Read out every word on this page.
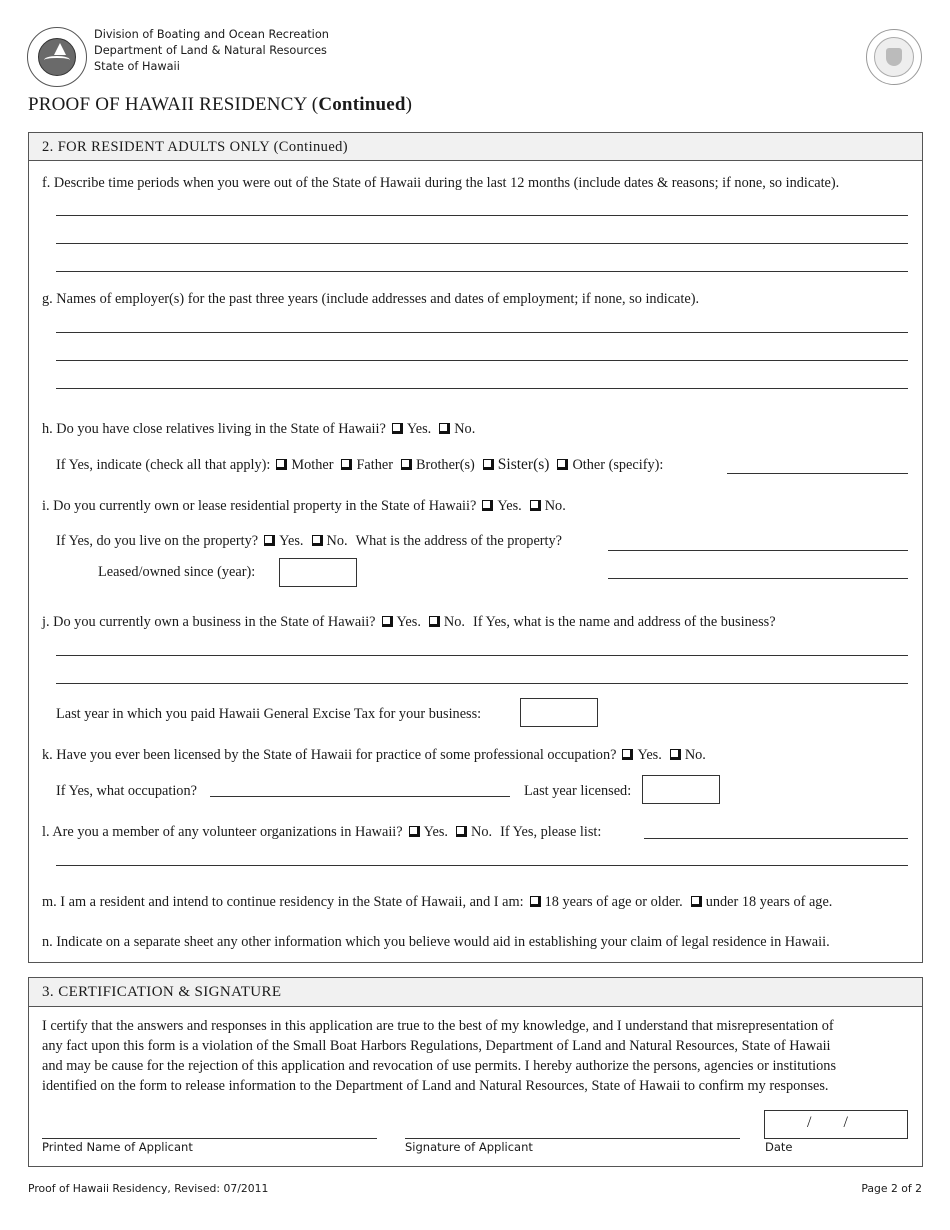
Division of Boating and Ocean Recreation
Department of Land & Natural Resources
State of Hawaii
PROOF OF HAWAII RESIDENCY (Continued)
2. FOR RESIDENT ADULTS ONLY (Continued)
f. Describe time periods when you were out of the State of Hawaii during the last 12 months (include dates & reasons; if none, so indicate).
g. Names of employer(s) for the past three years (include addresses and dates of employment; if none, so indicate).
h. Do you have close relatives living in the State of Hawaii? Yes. No.
If Yes, indicate (check all that apply): Mother Father Brother(s) Sister(s) Other (specify):
i. Do you currently own or lease residential property in the State of Hawaii? Yes. No.
If Yes, do you live on the property? Yes. No. What is the address of the property?
Leased/owned since (year):
j. Do you currently own a business in the State of Hawaii? Yes. No. If Yes, what is the name and address of the business?
Last year in which you paid Hawaii General Excise Tax for your business:
k. Have you ever been licensed by the State of Hawaii for practice of some professional occupation? Yes. No.
If Yes, what occupation?	Last year licensed:
l. Are you a member of any volunteer organizations in Hawaii? Yes. No. If Yes, please list:
m. I am a resident and intend to continue residency in the State of Hawaii, and I am: 18 years of age or older. under 18 years of age.
n. Indicate on a separate sheet any other information which you believe would aid in establishing your claim of legal residence in Hawaii.
3. CERTIFICATION & SIGNATURE
I certify that the answers and responses in this application are true to the best of my knowledge, and I understand that misrepresentation of
any fact upon this form is a violation of the Small Boat Harbors Regulations, Department of Land and Natural Resources, State of Hawaii
and may be cause for the rejection of this application and revocation of use permits. I hereby authorize the persons, agencies or institutions
identified on the form to release information to the Department of Land and Natural Resources, State of Hawaii to confirm my responses.
Printed Name of Applicant	Signature of Applicant
/        /
Date
Proof of Hawaii Residency, Revised: 07/2011	Page 2 of 2
